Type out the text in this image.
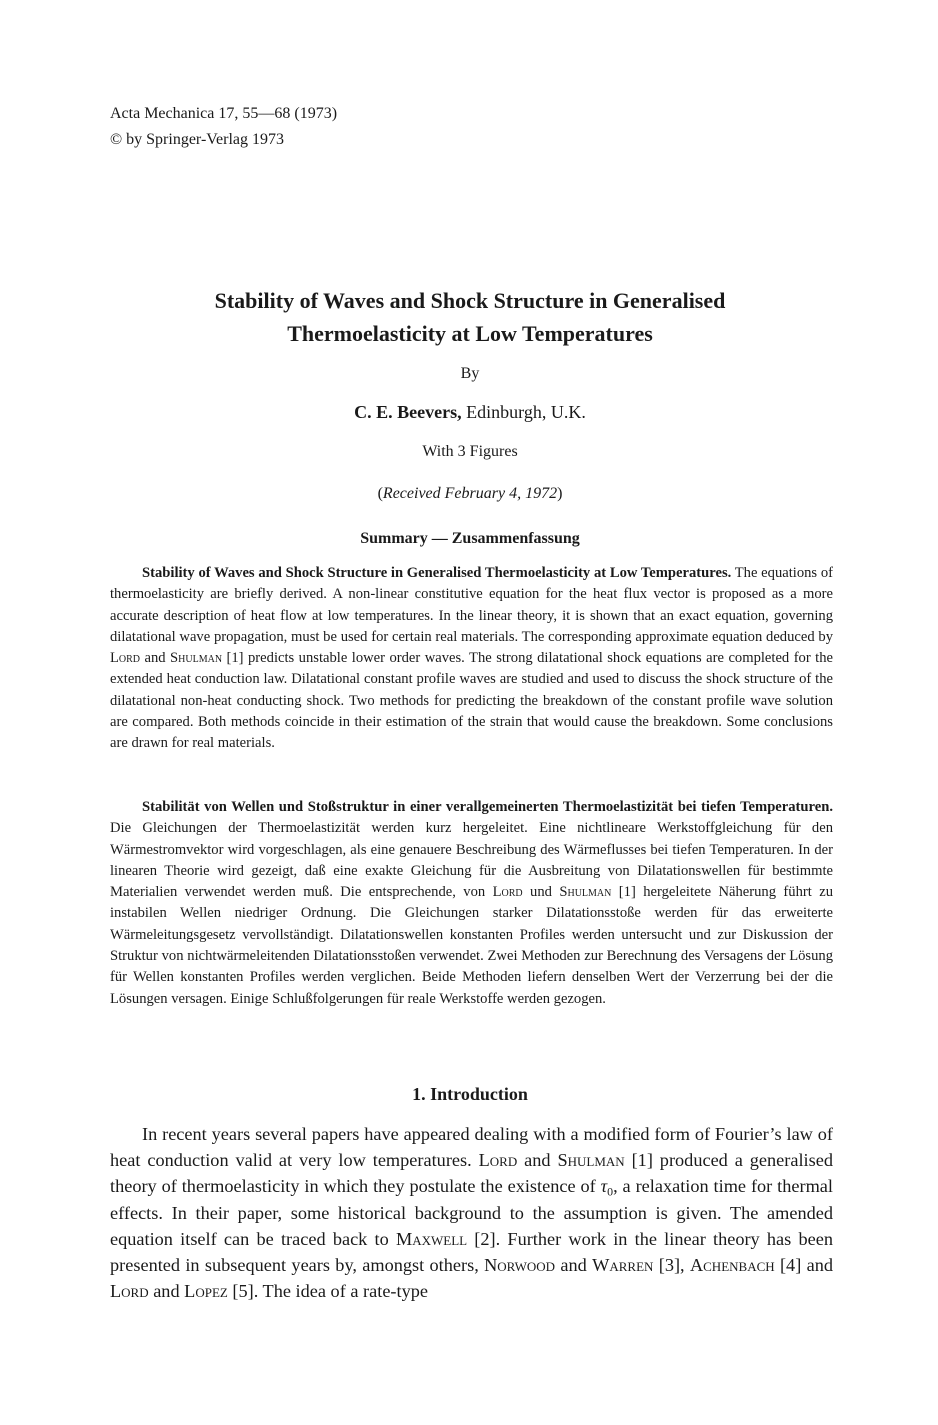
Acta Mechanica 17, 55—68 (1973)
© by Springer-Verlag 1973
Stability of Waves and Shock Structure in Generalised
Thermoelasticity at Low Temperatures
By
C. E. Beevers, Edinburgh, U.K.
With 3 Figures
(Received February 4, 1972)
Summary — Zusammenfassung

Stability of Waves and Shock Structure in Generalised Thermoelasticity at Low Temperatures. The equations of thermoelasticity are briefly derived. A non-linear constitutive equation for the heat flux vector is proposed as a more accurate description of heat flow at low temperatures. In the linear theory, it is shown that an exact equation, governing dilatational wave propagation, must be used for certain real materials. The corresponding approximate equation deduced by Lord and Shulman [1] predicts unstable lower order waves. The strong dilatational shock equations are completed for the extended heat conduction law. Dilatational constant profile waves are studied and used to discuss the shock structure of the dilatational non-heat conducting shock. Two methods for predicting the breakdown of the constant profile wave solution are compared. Both methods coincide in their estimation of the strain that would cause the breakdown. Some conclusions are drawn for real materials.

Stabilität von Wellen und Stoßstruktur in einer verallgemeinerten Thermoelastizität bei tiefen Temperaturen. Die Gleichungen der Thermoelastizität werden kurz hergeleitet. Eine nichtlineare Werkstoffgleichung für den Wärmestromvektor wird vorgeschlagen, als eine genauere Beschreibung des Wärmeflusses bei tiefen Temperaturen. In der linearen Theorie wird gezeigt, daß eine exakte Gleichung für die Ausbreitung von Dilatationswellen für bestimmte Materialien verwendet werden muß. Die entsprechende, von Lord und Shulman [1] hergeleitete Näherung führt zu instabilen Wellen niedriger Ordnung. Die Gleichungen starker Dilatationsstoße werden für das erweiterte Wärmeleitungsgesetz vervollständigt. Dilatationswellen konstanten Profiles werden untersucht und zur Diskussion der Struktur von nichtwärmeleitenden Dilatationsstoßen verwendet. Zwei Methoden zur Berechnung des Versagens der Lösung für Wellen konstanten Profiles werden verglichen. Beide Methoden liefern denselben Wert der Verzerrung bei der die Lösungen versagen. Einige Schlußfolgerungen für reale Werkstoffe werden gezogen.

1. Introduction

In recent years several papers have appeared dealing with a modified form of Fourier’s law of heat conduction valid at very low temperatures. Lord and Shulman [1] produced a generalised theory of thermoelasticity in which they postulate the existence of $\tau_0$, a relaxation time for thermal effects. In their paper, some historical background to the assumption is given. The amended equation itself can be traced back to Maxwell [2]. Further work in the linear theory has been presented in subsequent years by, amongst others, Norwood and Warren [3], Achenbach [4] and Lord and Lopez [5]. The idea of a rate-type
